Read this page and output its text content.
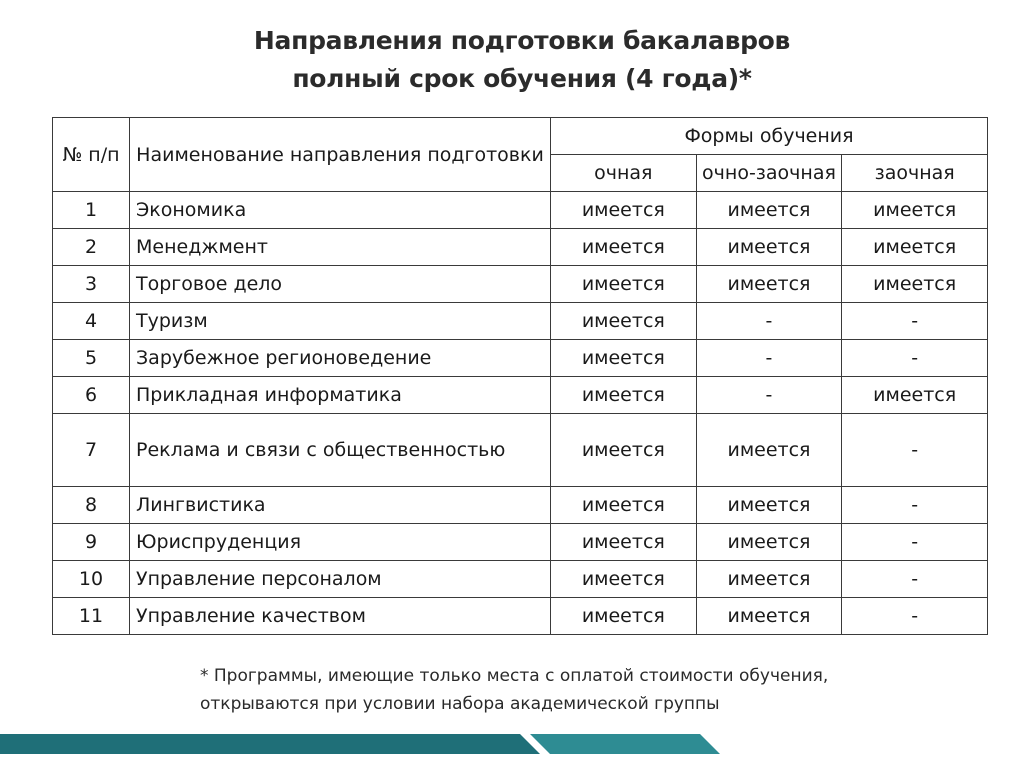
Направления подготовки бакалавров
полный срок обучения (4 года)*
№ п/п	Наименование направления подготовки	Формы обучения		
		очная	очно-заочная	заочная
1	Экономика	имеется	имеется	имеется
2	Менеджмент	имеется	имеется	имеется
3	Торговое дело	имеется	имеется	имеется
4	Туризм	имеется	-	-
5	Зарубежное регионоведение	имеется	-	-
6	Прикладная информатика	имеется	-	имеется
7	Реклама и связи с общественностью	имеется	имеется	-
8	Лингвистика	имеется	имеется	-
9	Юриспруденция	имеется	имеется	-
10	Управление персоналом	имеется	имеется	-
11	Управление качеством	имеется	имеется	-
* Программы, имеющие только места с оплатой стоимости обучения,
открываются при условии набора академической группы
